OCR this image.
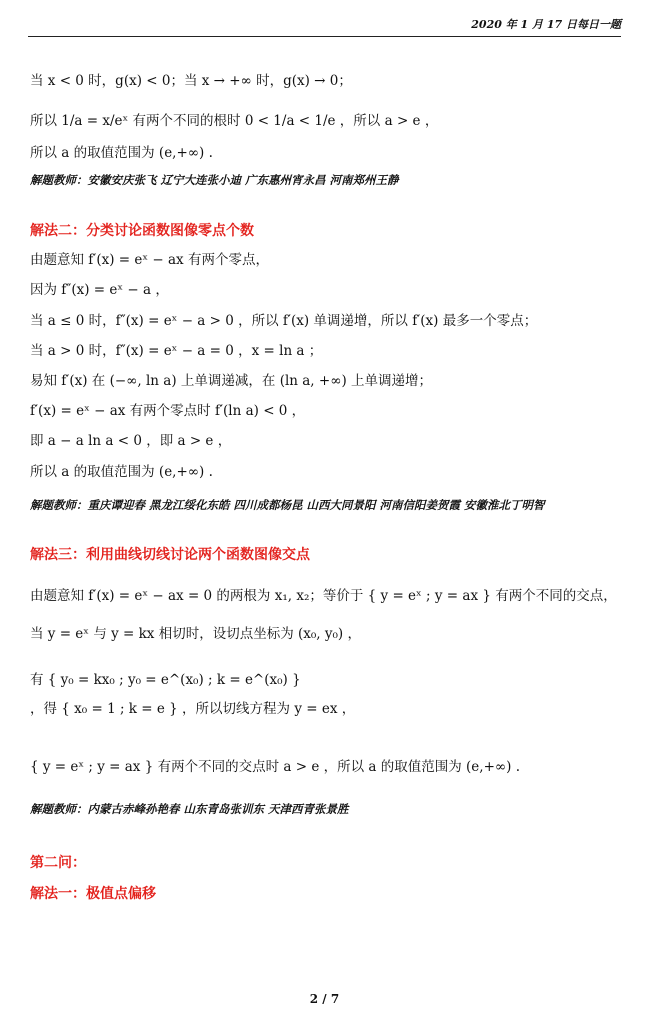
2020 年 1 月 17 日每日一题

当 x < 0 时，g(x) < 0；当 x → +∞ 时，g(x) → 0；

所以 1/a = x/eˣ 有两个不同的根时 0 < 1/a < 1/e ，所以 a > e ，

所以 a 的取值范围为 (e,+∞) .

解题教师：安徽安庆张飞 辽宁大连张小迪 广东惠州宵永昌 河南郑州王静

解法二：分类讨论函数图像零点个数

由题意知 f′(x) = eˣ − ax 有两个零点，

因为 f″(x) = eˣ − a ，

当 a ≤ 0 时，f″(x) = eˣ − a > 0 ，所以 f′(x) 单调递增，所以 f′(x) 最多一个零点；

当 a > 0 时，f″(x) = eˣ − a = 0 ，x = ln a ；

易知 f′(x) 在 (−∞, ln a) 上单调递减，在 (ln a, +∞) 上单调递增；

f′(x) = eˣ − ax 有两个零点时 f′(ln a) < 0 ，

即 a − a ln a < 0 ，即 a > e ，

所以 a 的取值范围为 (e,+∞) .

解题教师：重庆谭迎春 黑龙江绥化东皓 四川成都杨昆 山西大同景阳 河南信阳姜贺霞 安徽淮北丁明智

解法三：利用曲线切线讨论两个函数图像交点

由题意知 f′(x) = eˣ − ax = 0 的两根为 x₁, x₂；等价于 { y = eˣ ; y = ax } 有两个不同的交点，

当 y = eˣ 与 y = kx 相切时，设切点坐标为 (x₀, y₀) ，

有 { y₀ = kx₀ ; y₀ = e^(x₀) ; k = e^(x₀) }

，得 { x₀ = 1 ; k = e } ，所以切线方程为 y = ex ，

{ y = eˣ ; y = ax } 有两个不同的交点时 a > e ，所以 a 的取值范围为 (e,+∞) .

解题教师：内蒙古赤峰孙艳春 山东青岛张训东 天津西青张景胜

第二问：

解法一：极值点偏移

2 / 7
